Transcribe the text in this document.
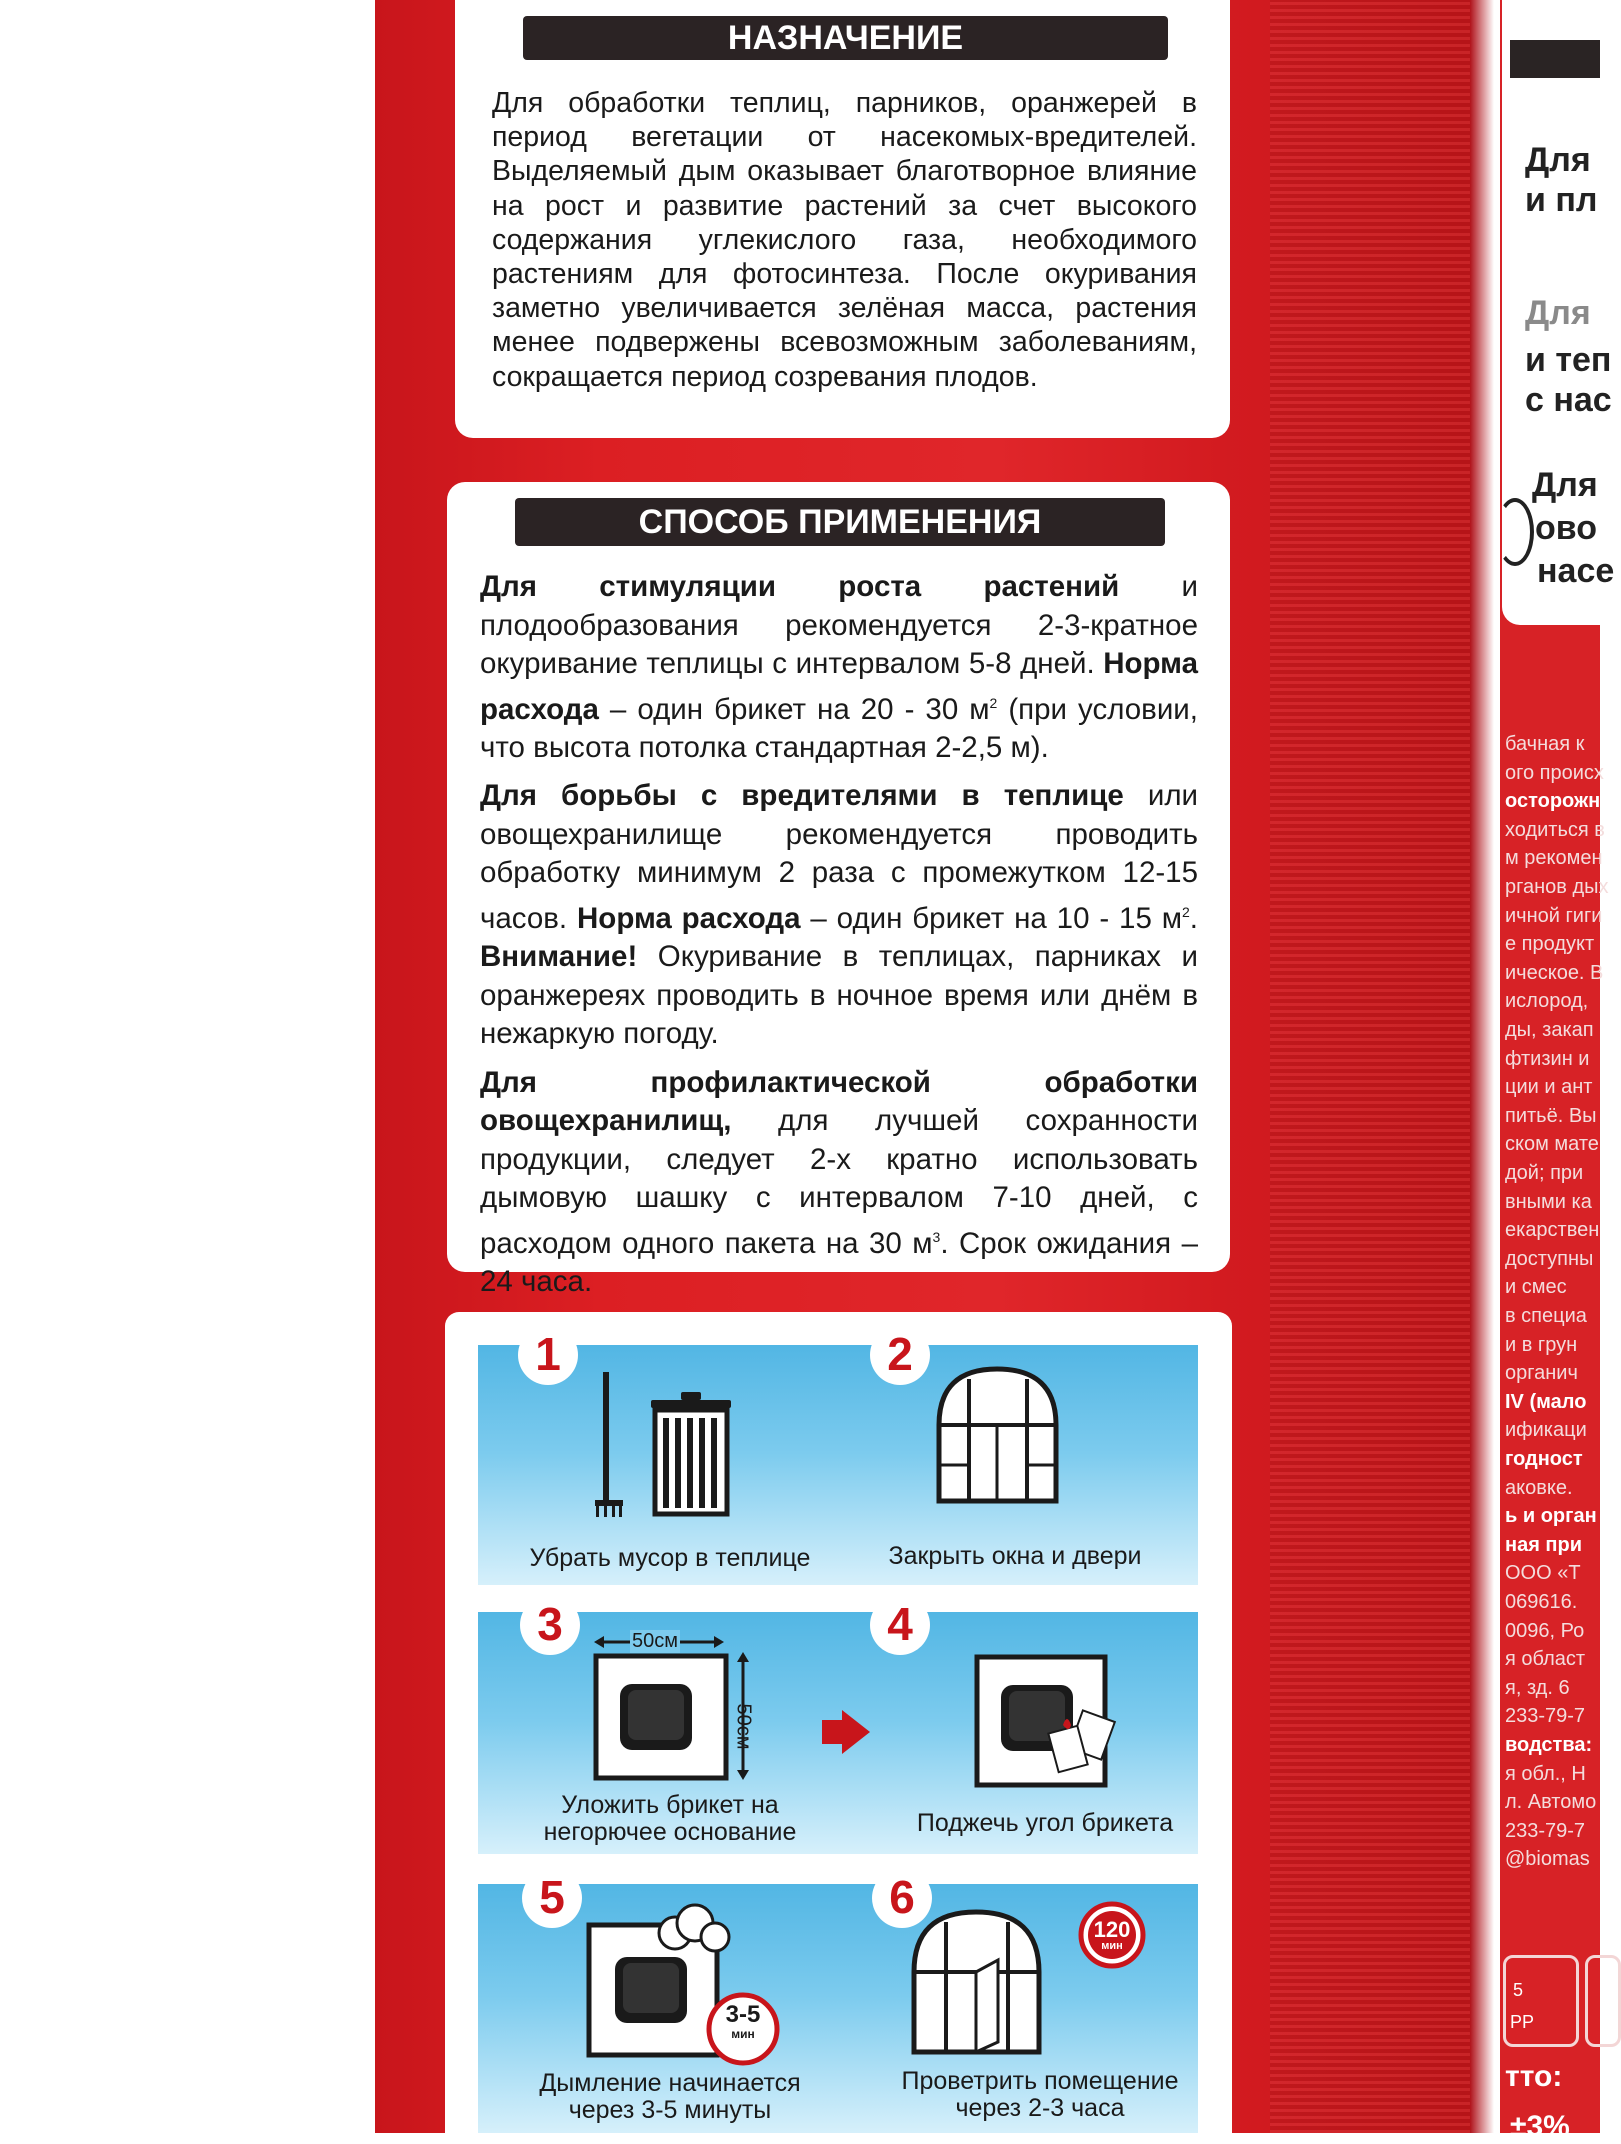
Для
и пл
Для
и теп
с нас
Для
ово
насе
5
PP
тто:
±3%
НАЗНАЧЕНИЕ
Для обработки теплиц, парников, оранжерей в период вегетации от насекомых-вредителей. Выделяемый дым оказывает благотворное влияние на рост и развитие растений за счет высокого содержания углекислого газа, необходимого растениям для фотосинтеза. После окуривания заметно увеличивается зелёная масса, растения менее подвержены всевозможным заболеваниям, сокращается период созревания плодов.
СПОСОБ ПРИМЕНЕНИЯ

Для стимуляции роста растений и плодообразования рекомендуется 2-3-кратное окуривание теплицы с интервалом 5-8 дней. Норма расхода – один брикет на 20 - 30 $м^2$ (при условии, что высота потолка стандартная 2-2,5 м).

Для борьбы с вредителями в теплице или овощехранилище рекомендуется проводить обработку минимум 2 раза с промежутком 12-15 часов. Норма расхода – один брикет на 10 - 15 $м^2$. Внимание! Окуривание в теплицах, парниках и оранжереях проводить в ночное время или днём в нежаркую погоду.

Для профилактической обработки овощехранилищ, для лучшей сохранности продукции, следует 2-х кратно использовать дымовую шашку с интервалом 7-10 дней, с расходом одного пакета на 30 $м^3$. Срок ожидания – 24 часа.

1
Убрать мусор в теплице
2
Закрыть окна и двери
3	50см
50см
Уложить брикет на негорючее основание
4
Поджечь угол брикета
5
3-5
мин
Дымление начинается через 3-5 минуты
6
120
мин
Проветрить помещение через 2-3 часа
бачная к
ого происх
осторожн
ходиться в
м рекомен
рганов дых
ичной гиги
е продукт
ическое. В
ислород,
ды, закап
фтизин и
ции и ант
питьё. Вы
ском мате
дой; при
вными ка
екарствен
доступны
и смес
в специа
и в грун
органич
IV (мало
ификаци
годност
аковке.
ь и орган
ная при
ООО «Т
069616.
0096, Ро
я област
я, зд. 6
233-79-7
водства:
я обл., Н
л. Автомо
233-79-7
@biomas
